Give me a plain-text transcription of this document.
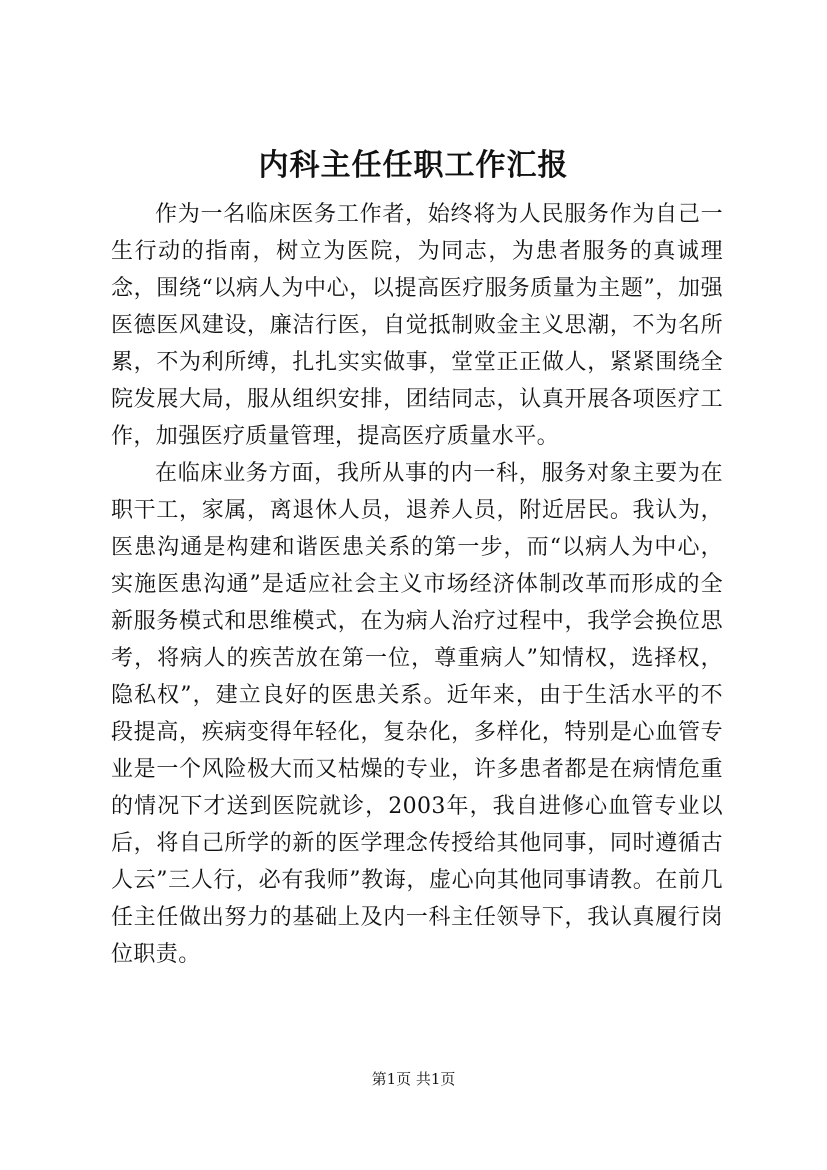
内科主任任职工作汇报

作为一名临床医务工作者，始终将为人民服务作为自己一生行动的指南，树立为医院，为同志，为患者服务的真诚理念，围绕“以病人为中心，以提高医疗服务质量为主题”，加强医德医风建设，廉洁行医，自觉抵制败金主义思潮，不为名所累，不为利所缚，扎扎实实做事，堂堂正正做人，紧紧围绕全院发展大局，服从组织安排，团结同志，认真开展各项医疗工作，加强医疗质量管理，提高医疗质量水平。

在临床业务方面，我所从事的内一科，服务对象主要为在职干工，家属，离退休人员，退养人员，附近居民。我认为，医患沟通是构建和谐医患关系的第一步，而“以病人为中心，实施医患沟通”是适应社会主义市场经济体制改革而形成的全新服务模式和思维模式，在为病人治疗过程中，我学会换位思考，将病人的疾苦放在第一位，尊重病人”知情权，选择权，隐私权”，建立良好的医患关系。近年来，由于生活水平的不段提高，疾病变得年轻化，复杂化，多样化，特别是心血管专业是一个风险极大而又枯燥的专业，许多患者都是在病情危重的情况下才送到医院就诊，2003年，我自进修心血管专业以后，将自己所学的新的医学理念传授给其他同事，同时遵循古人云”三人行，必有我师”教诲，虚心向其他同事请教。在前几任主任做出努力的基础上及内一科主任领导下，我认真履行岗位职责。

第1页 共1页
